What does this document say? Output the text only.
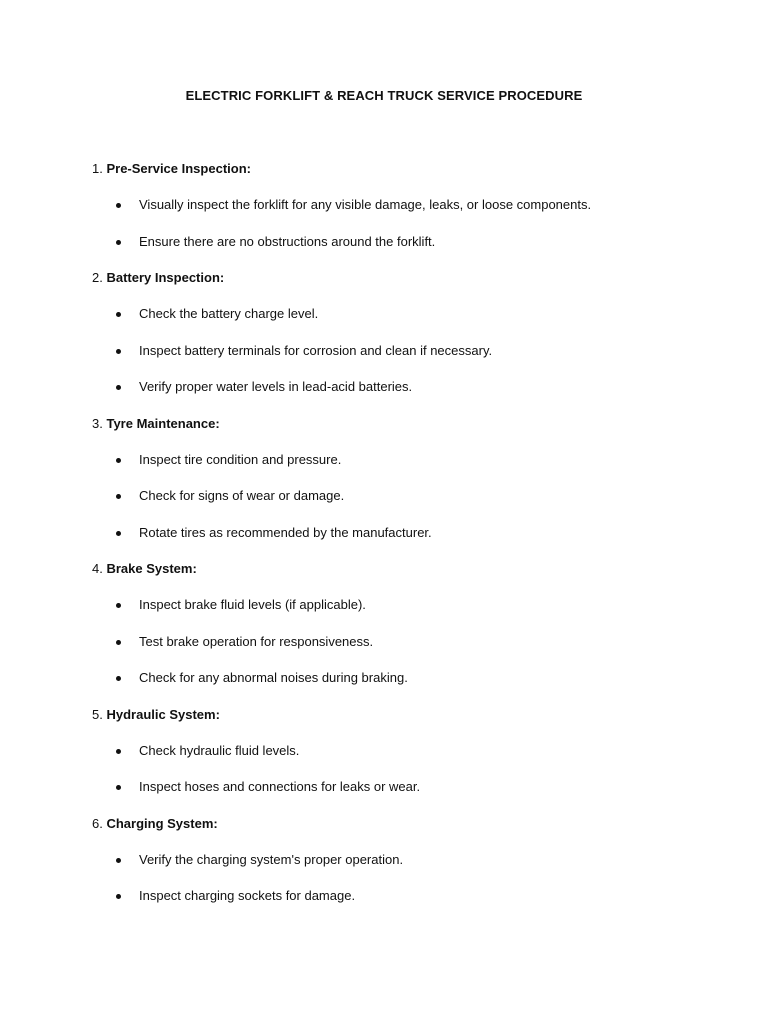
ELECTRIC FORKLIFT & REACH TRUCK SERVICE PROCEDURE
1. Pre-Service Inspection:
Visually inspect the forklift for any visible damage, leaks, or loose components.
Ensure there are no obstructions around the forklift.
2. Battery Inspection:
Check the battery charge level.
Inspect battery terminals for corrosion and clean if necessary.
Verify proper water levels in lead-acid batteries.
3. Tyre Maintenance:
Inspect tire condition and pressure.
Check for signs of wear or damage.
Rotate tires as recommended by the manufacturer.
4. Brake System:
Inspect brake fluid levels (if applicable).
Test brake operation for responsiveness.
Check for any abnormal noises during braking.
5. Hydraulic System:
Check hydraulic fluid levels.
Inspect hoses and connections for leaks or wear.
6. Charging System:
Verify the charging system's proper operation.
Inspect charging sockets for damage.
